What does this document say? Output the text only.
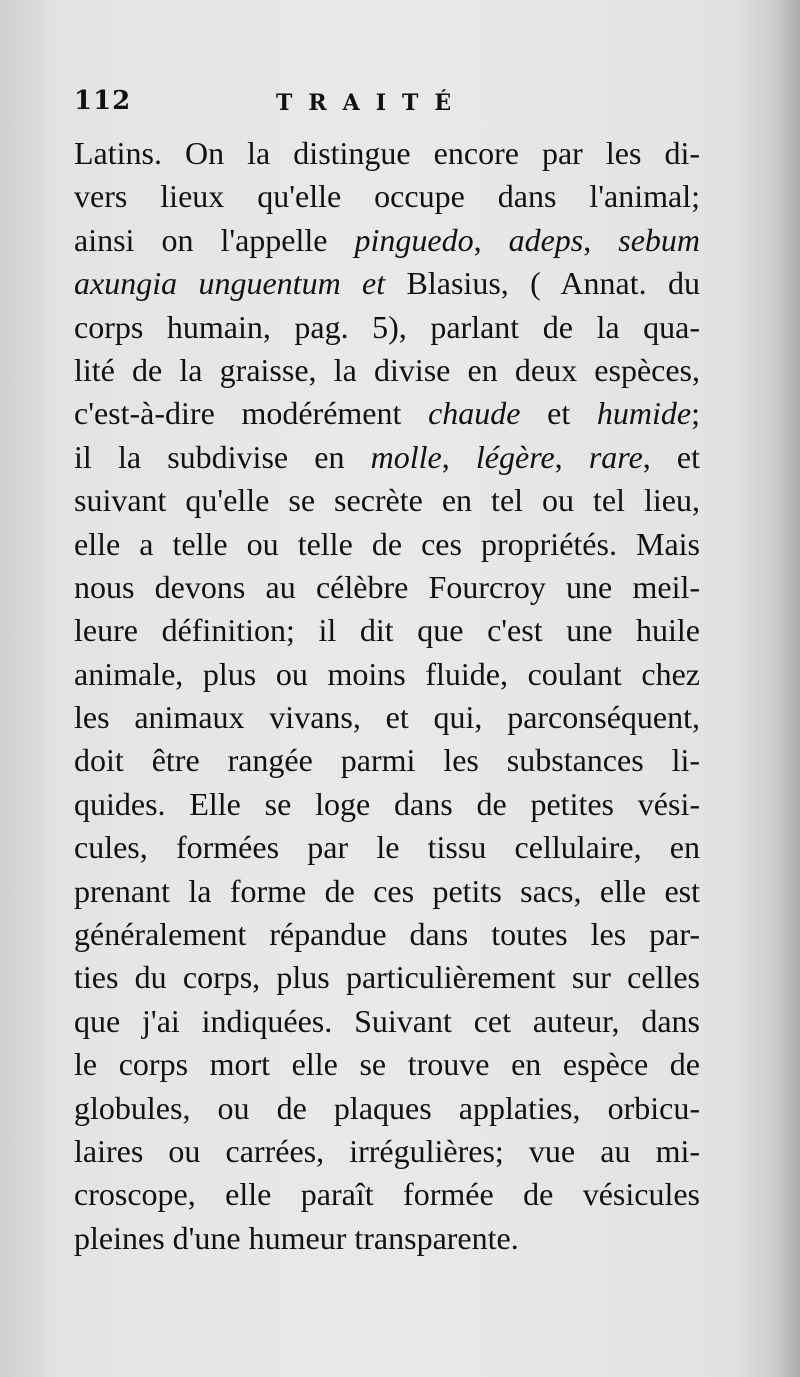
112	TRAITÉ
Latins. On la distingue encore par les di-
vers lieux qu'elle occupe dans l'animal;
ainsi on l'appelle pinguedo, adeps, sebum
axungia unguentum et Blasius, ( Annat. du
corps humain, pag. 5), parlant de la qua-
lité de la graisse, la divise en deux espèces,
c'est-à-dire modérément chaude et humide;
il la subdivise en molle, légère, rare, et
suivant qu'elle se secrète en tel ou tel lieu,
elle a telle ou telle de ces propriétés. Mais
nous devons au célèbre Fourcroy une meil-
leure définition; il dit que c'est une huile
animale, plus ou moins fluide, coulant chez
les animaux vivans, et qui, parconséquent,
doit être rangée parmi les substances li-
quides. Elle se loge dans de petites vési-
cules, formées par le tissu cellulaire, en
prenant la forme de ces petits sacs, elle est
généralement répandue dans toutes les par-
ties du corps, plus particulièrement sur celles
que j'ai indiquées. Suivant cet auteur, dans
le corps mort elle se trouve en espèce de
globules, ou de plaques applaties, orbicu-
laires ou carrées, irrégulières; vue au mi-
croscope, elle paraît formée de vésicules
pleines d'une humeur transparente.
